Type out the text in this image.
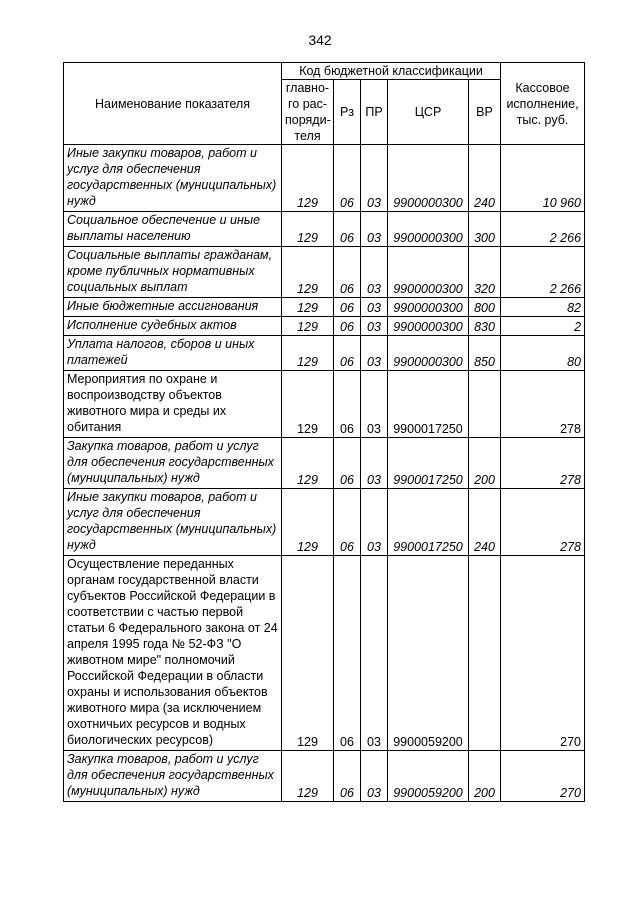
342
Наименование показателя	Код бюджетной классификации					Кассовое исполнение, тыс. руб.
	главно-го рас-поряди-теля	Рз	ПР	ЦСР	ВР	
Иные закупки товаров, работ и услуг для обеспечения государственных (муниципальных) нужд	129	06	03	9900000300	240	10 960
Социальное обеспечение и иные выплаты населению	129	06	03	9900000300	300	2 266
Социальные выплаты гражданам, кроме публичных нормативных социальных выплат	129	06	03	9900000300	320	2 266
Иные бюджетные ассигнования	129	06	03	9900000300	800	82
Исполнение судебных актов	129	06	03	9900000300	830	2
Уплата налогов, сборов и иных платежей	129	06	03	9900000300	850	80
Мероприятия по охране и воспроизводству объектов животного мира и среды их обитания	129	06	03	9900017250		278
Закупка товаров, работ и услуг для обеспечения государственных (муниципальных) нужд	129	06	03	9900017250	200	278
Иные закупки товаров, работ и услуг для обеспечения государственных (муниципальных) нужд	129	06	03	9900017250	240	278
Осуществление переданных органам государственной власти субъектов Российской Федерации в соответствии с частью первой статьи 6 Федерального закона от 24 апреля 1995 года № 52-ФЗ "О животном мире" полномочий Российской Федерации в области охраны и использования объектов животного мира (за исключением охотничьих ресурсов и водных биологических ресурсов)	129	06	03	9900059200		270
Закупка товаров, работ и услуг для обеспечения государственных (муниципальных) нужд	129	06	03	9900059200	200	270
